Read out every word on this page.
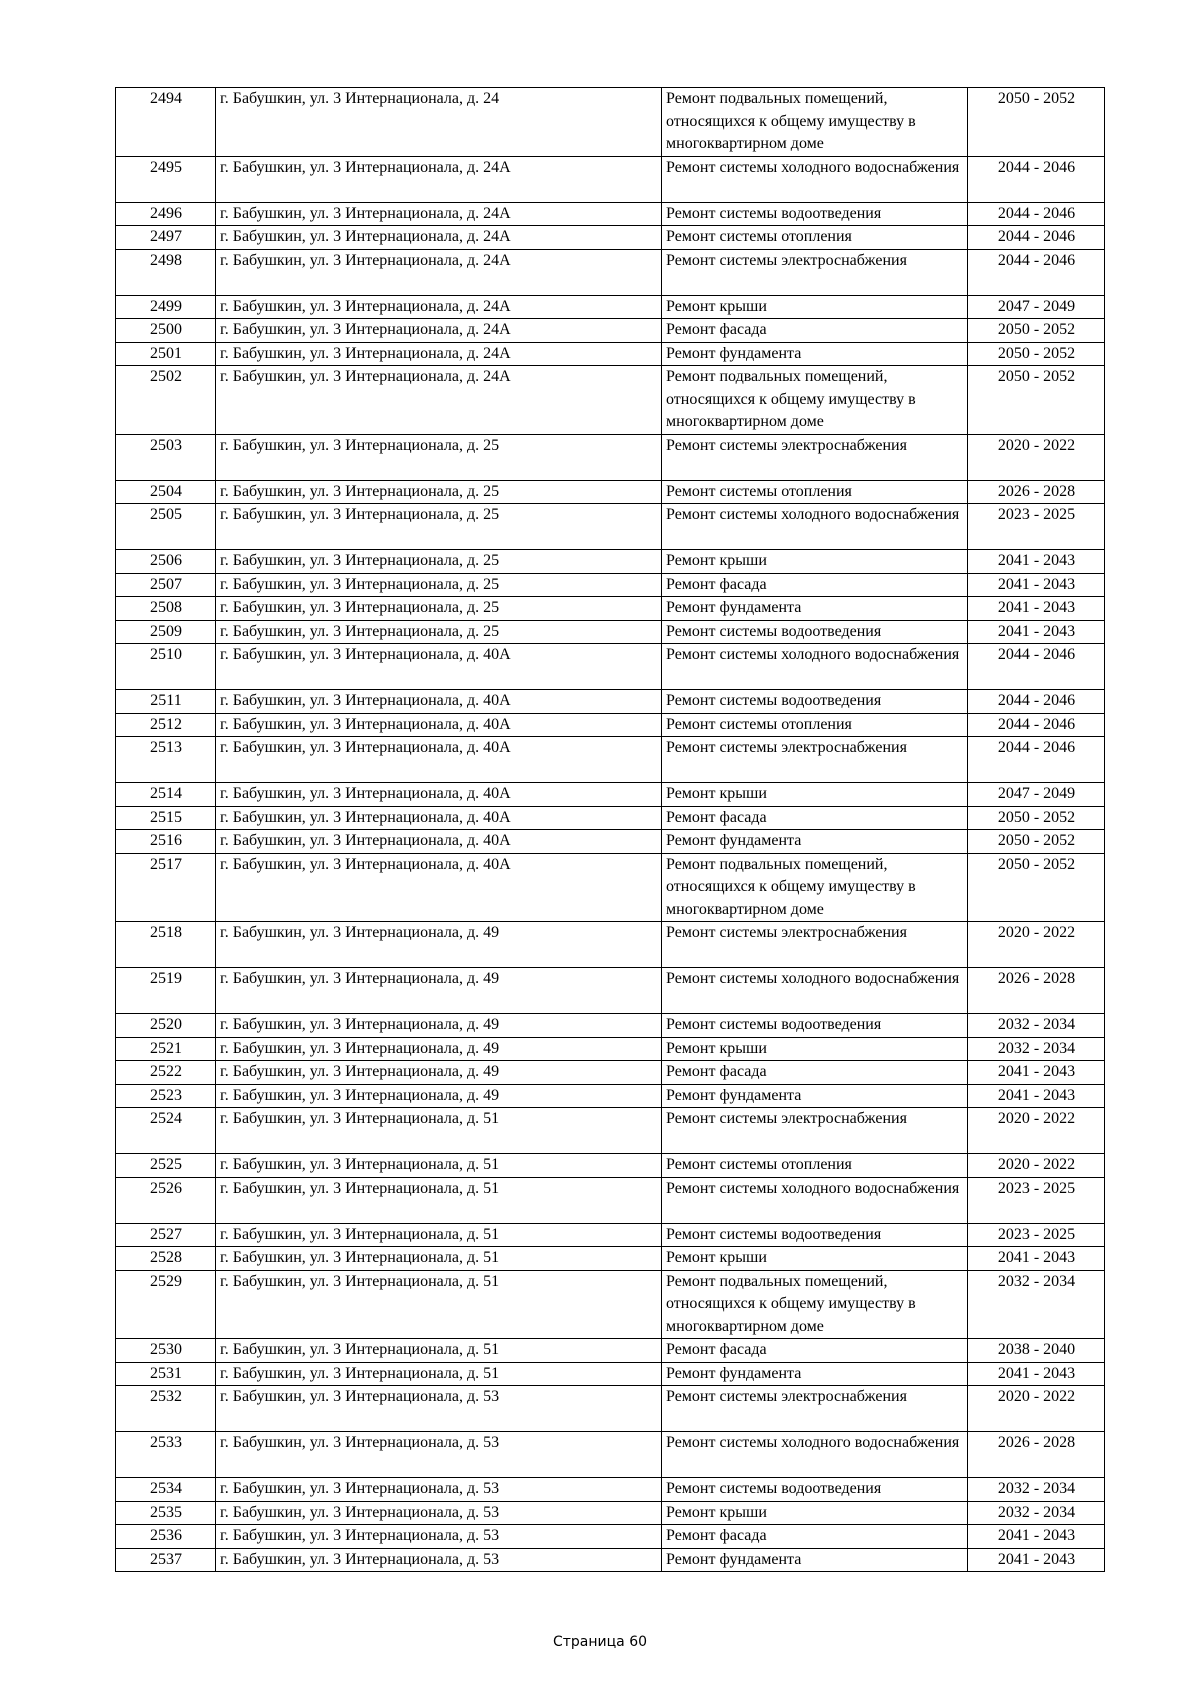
2494	г. Бабушкин, ул. 3 Интернационала, д. 24	Ремонт подвальных помещений, относящихся к общему имуществу в многоквартирном доме	2050 - 2052
2495	г. Бабушкин, ул. 3 Интернационала, д. 24А	Ремонт системы холодного водоснабжения	2044 - 2046
2496	г. Бабушкин, ул. 3 Интернационала, д. 24А	Ремонт системы водоотведения	2044 - 2046
2497	г. Бабушкин, ул. 3 Интернационала, д. 24А	Ремонт системы отопления	2044 - 2046
2498	г. Бабушкин, ул. 3 Интернационала, д. 24А	Ремонт системы электроснабжения	2044 - 2046
2499	г. Бабушкин, ул. 3 Интернационала, д. 24А	Ремонт крыши	2047 - 2049
2500	г. Бабушкин, ул. 3 Интернационала, д. 24А	Ремонт фасада	2050 - 2052
2501	г. Бабушкин, ул. 3 Интернационала, д. 24А	Ремонт фундамента	2050 - 2052
2502	г. Бабушкин, ул. 3 Интернационала, д. 24А	Ремонт подвальных помещений, относящихся к общему имуществу в многоквартирном доме	2050 - 2052
2503	г. Бабушкин, ул. 3 Интернационала, д. 25	Ремонт системы электроснабжения	2020 - 2022
2504	г. Бабушкин, ул. 3 Интернационала, д. 25	Ремонт системы отопления	2026 - 2028
2505	г. Бабушкин, ул. 3 Интернационала, д. 25	Ремонт системы холодного водоснабжения	2023 - 2025
2506	г. Бабушкин, ул. 3 Интернационала, д. 25	Ремонт крыши	2041 - 2043
2507	г. Бабушкин, ул. 3 Интернационала, д. 25	Ремонт фасада	2041 - 2043
2508	г. Бабушкин, ул. 3 Интернационала, д. 25	Ремонт фундамента	2041 - 2043
2509	г. Бабушкин, ул. 3 Интернационала, д. 25	Ремонт системы водоотведения	2041 - 2043
2510	г. Бабушкин, ул. 3 Интернационала, д. 40А	Ремонт системы холодного водоснабжения	2044 - 2046
2511	г. Бабушкин, ул. 3 Интернационала, д. 40А	Ремонт системы водоотведения	2044 - 2046
2512	г. Бабушкин, ул. 3 Интернационала, д. 40А	Ремонт системы отопления	2044 - 2046
2513	г. Бабушкин, ул. 3 Интернационала, д. 40А	Ремонт системы электроснабжения	2044 - 2046
2514	г. Бабушкин, ул. 3 Интернационала, д. 40А	Ремонт крыши	2047 - 2049
2515	г. Бабушкин, ул. 3 Интернационала, д. 40А	Ремонт фасада	2050 - 2052
2516	г. Бабушкин, ул. 3 Интернационала, д. 40А	Ремонт фундамента	2050 - 2052
2517	г. Бабушкин, ул. 3 Интернационала, д. 40А	Ремонт подвальных помещений, относящихся к общему имуществу в многоквартирном доме	2050 - 2052
2518	г. Бабушкин, ул. 3 Интернационала, д. 49	Ремонт системы электроснабжения	2020 - 2022
2519	г. Бабушкин, ул. 3 Интернационала, д. 49	Ремонт системы холодного водоснабжения	2026 - 2028
2520	г. Бабушкин, ул. 3 Интернационала, д. 49	Ремонт системы водоотведения	2032 - 2034
2521	г. Бабушкин, ул. 3 Интернационала, д. 49	Ремонт крыши	2032 - 2034
2522	г. Бабушкин, ул. 3 Интернационала, д. 49	Ремонт фасада	2041 - 2043
2523	г. Бабушкин, ул. 3 Интернационала, д. 49	Ремонт фундамента	2041 - 2043
2524	г. Бабушкин, ул. 3 Интернационала, д. 51	Ремонт системы электроснабжения	2020 - 2022
2525	г. Бабушкин, ул. 3 Интернационала, д. 51	Ремонт системы отопления	2020 - 2022
2526	г. Бабушкин, ул. 3 Интернационала, д. 51	Ремонт системы холодного водоснабжения	2023 - 2025
2527	г. Бабушкин, ул. 3 Интернационала, д. 51	Ремонт системы водоотведения	2023 - 2025
2528	г. Бабушкин, ул. 3 Интернационала, д. 51	Ремонт крыши	2041 - 2043
2529	г. Бабушкин, ул. 3 Интернационала, д. 51	Ремонт подвальных помещений, относящихся к общему имуществу в многоквартирном доме	2032 - 2034
2530	г. Бабушкин, ул. 3 Интернационала, д. 51	Ремонт фасада	2038 - 2040
2531	г. Бабушкин, ул. 3 Интернационала, д. 51	Ремонт фундамента	2041 - 2043
2532	г. Бабушкин, ул. 3 Интернационала, д. 53	Ремонт системы электроснабжения	2020 - 2022
2533	г. Бабушкин, ул. 3 Интернационала, д. 53	Ремонт системы холодного водоснабжения	2026 - 2028
2534	г. Бабушкин, ул. 3 Интернационала, д. 53	Ремонт системы водоотведения	2032 - 2034
2535	г. Бабушкин, ул. 3 Интернационала, д. 53	Ремонт крыши	2032 - 2034
2536	г. Бабушкин, ул. 3 Интернационала, д. 53	Ремонт фасада	2041 - 2043
2537	г. Бабушкин, ул. 3 Интернационала, д. 53	Ремонт фундамента	2041 - 2043
Страница 60
